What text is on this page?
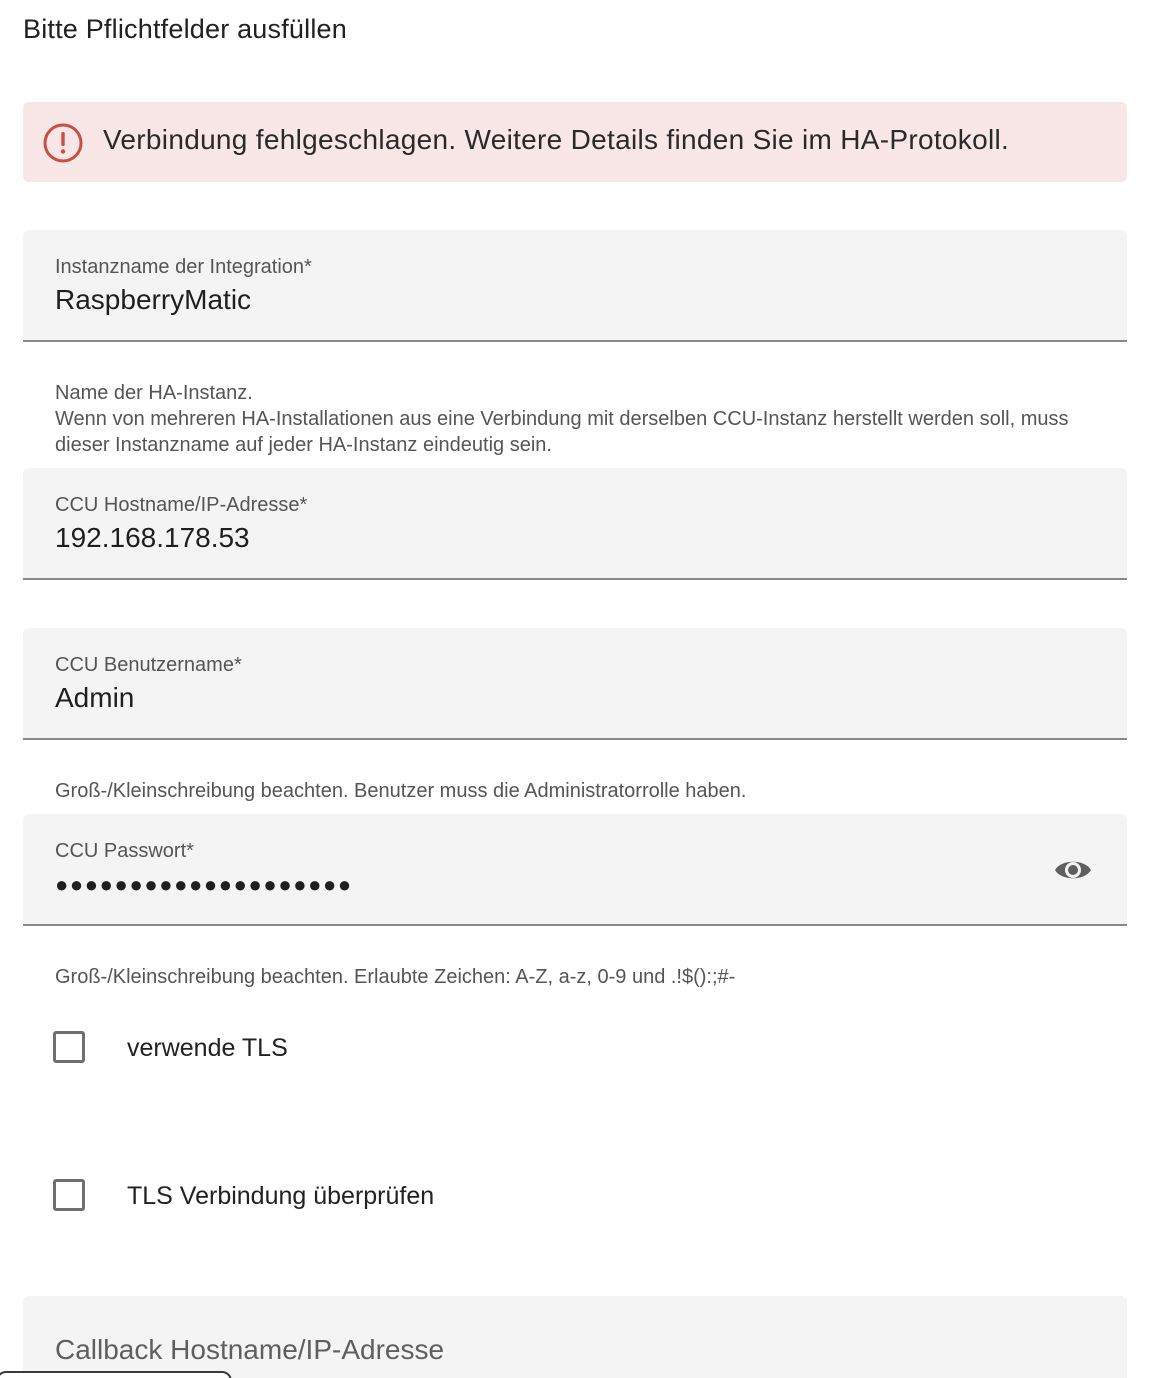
Bitte Pflichtfelder ausfüllen
Verbindung fehlgeschlagen. Weitere Details finden Sie im HA-Protokoll.
Instanzname der Integration*
RaspberryMatic
Name der HA-Instanz.
Wenn von mehreren HA-Installationen aus eine Verbindung mit derselben CCU-Instanz herstellt werden soll, muss dieser Instanzname auf jeder HA-Instanz eindeutig sein.
CCU Hostname/IP-Adresse*
192.168.178.53
CCU Benutzername*
Admin
Groß-/Kleinschreibung beachten. Benutzer muss die Administratorrolle haben.
CCU Passwort*
●●●●●●●●●●●●●●●●●●●●
Groß-/Kleinschreibung beachten. Erlaubte Zeichen: A-Z, a-z, 0-9 und .!$():;#-
verwende TLS
TLS Verbindung überprüfen
Callback Hostname/IP-Adresse
